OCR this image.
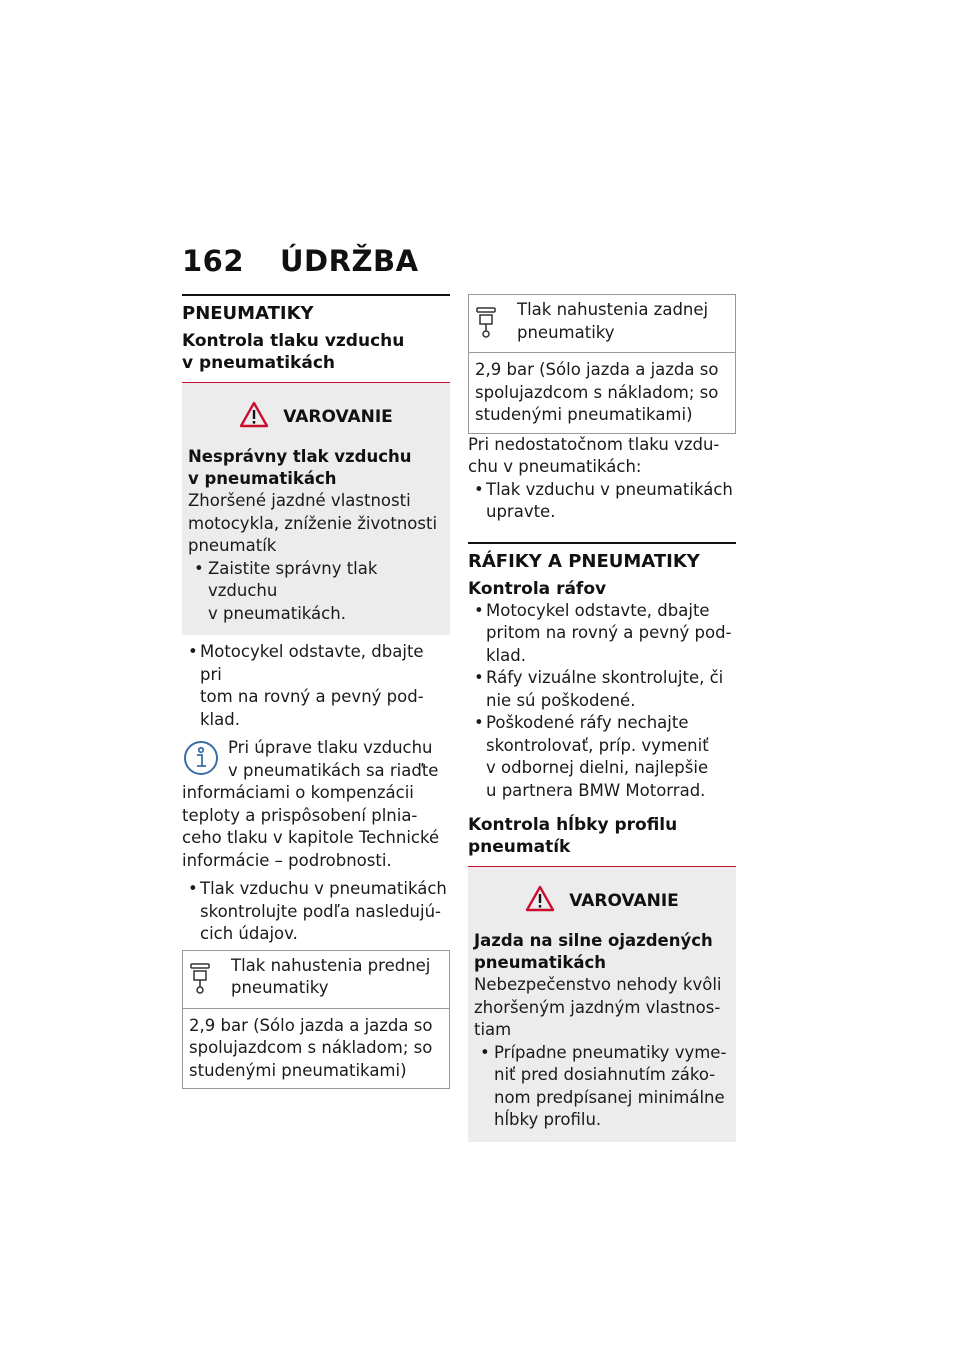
162 ÚDRŽBA
PNEUMATIKY
Kontrola tlaku vzduchu
v pneumatikách
VAROVANIE
Nesprávny tlak vzduchu
v pneumatikách
Zhoršené jazdné vlastnosti
motocykla, zníženie životnosti
pneumatík
• Zaistite správny tlak vzduchu
v pneumatikách.
• Motocykel odstavte, dbajte pri
tom na rovný a pevný pod-
klad.
Pri úprave tlaku vzduchu
v pneumatikách sa riaďte
informáciami o kompenzácii
teploty a prispôsobení plnia-
ceho tlaku v kapitole Technické
informácie – podrobnosti.
• Tlak vzduchu v pneumatikách
skontrolujte podľa nasledujú-
cich údajov.
Tlak nahustenia prednej
pneumatiky
2,9 bar (Sólo jazda a jazda so
spolujazdcom s nákladom; so
studenými pneumatikami)
Tlak nahustenia zadnej
pneumatiky
2,9 bar (Sólo jazda a jazda so
spolujazdcom s nákladom; so
studenými pneumatikami)
Pri nedostatočnom tlaku vzdu-
chu v pneumatikách:
• Tlak vzduchu v pneumatikách
upravte.
RÁFIKY A PNEUMATIKY
Kontrola ráfov
• Motocykel odstavte, dbajte
pritom na rovný a pevný pod-
klad.
• Ráfy vizuálne skontrolujte, či
nie sú poškodené.
• Poškodené ráfy nechajte
skontrolovať, príp. vymeniť
v odbornej dielni, najlepšie
u partnera BMW Motorrad.
Kontrola hĺbky profilu
pneumatík
VAROVANIE
Jazda na silne ojazdených
pneumatikách
Nebezpečenstvo nehody kvôli
zhoršeným jazdným vlastnos-
tiam
• Prípadne pneumatiky vyme-
niť pred dosiahnutím záko-
nom predpísanej minimálne
hĺbky profilu.
